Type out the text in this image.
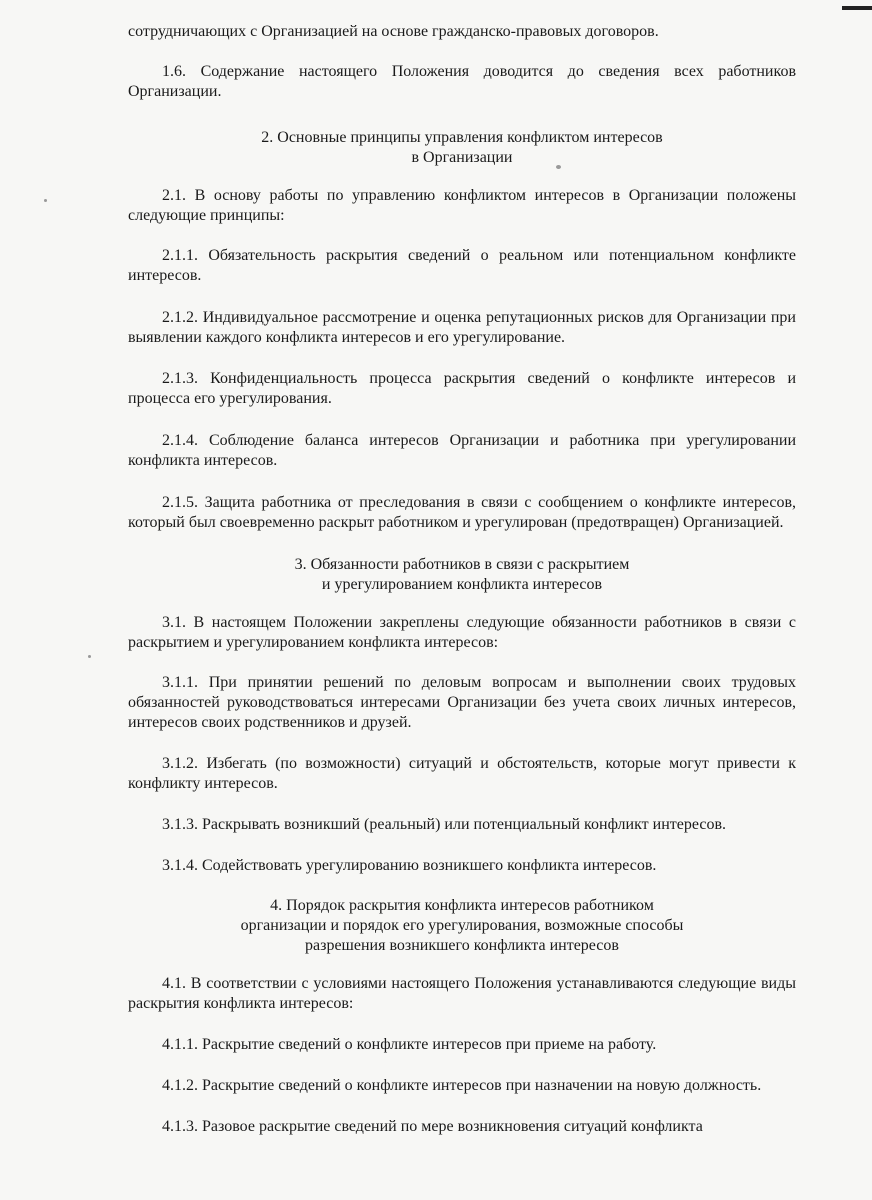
сотрудничающих с Организацией на основе гражданско-правовых договоров.

1.6. Содержание настоящего Положения доводится до сведения всех работников Организации.

2. Основные принципы управления конфликтом интересов
в Организации

2.1. В основу работы по управлению конфликтом интересов в Организации положены следующие принципы:

2.1.1. Обязательность раскрытия сведений о реальном или потенциальном конфликте интересов.

2.1.2. Индивидуальное рассмотрение и оценка репутационных рисков для Организации при выявлении каждого конфликта интересов и его урегулирование.

2.1.3. Конфиденциальность процесса раскрытия сведений о конфликте интересов и процесса его урегулирования.

2.1.4. Соблюдение баланса интересов Организации и работника при урегулировании конфликта интересов.

2.1.5. Защита работника от преследования в связи с сообщением о конфликте интересов, который был своевременно раскрыт работником и урегулирован (предотвращен) Организацией.

3. Обязанности работников в связи с раскрытием
и урегулированием конфликта интересов

3.1. В настоящем Положении закреплены следующие обязанности работников в связи с раскрытием и урегулированием конфликта интересов:

3.1.1. При принятии решений по деловым вопросам и выполнении своих трудовых обязанностей руководствоваться интересами Организации без учета своих личных интересов, интересов своих родственников и друзей.

3.1.2. Избегать (по возможности) ситуаций и обстоятельств, которые могут привести к конфликту интересов.

3.1.3. Раскрывать возникший (реальный) или потенциальный конфликт интересов.

3.1.4. Содействовать урегулированию возникшего конфликта интересов.

4. Порядок раскрытия конфликта интересов работником
организации и порядок его урегулирования, возможные способы
разрешения возникшего конфликта интересов

4.1. В соответствии с условиями настоящего Положения устанавливаются следующие виды раскрытия конфликта интересов:

4.1.1. Раскрытие сведений о конфликте интересов при приеме на работу.

4.1.2. Раскрытие сведений о конфликте интересов при назначении на новую должность.

4.1.3. Разовое раскрытие сведений по мере возникновения ситуаций конфликта
